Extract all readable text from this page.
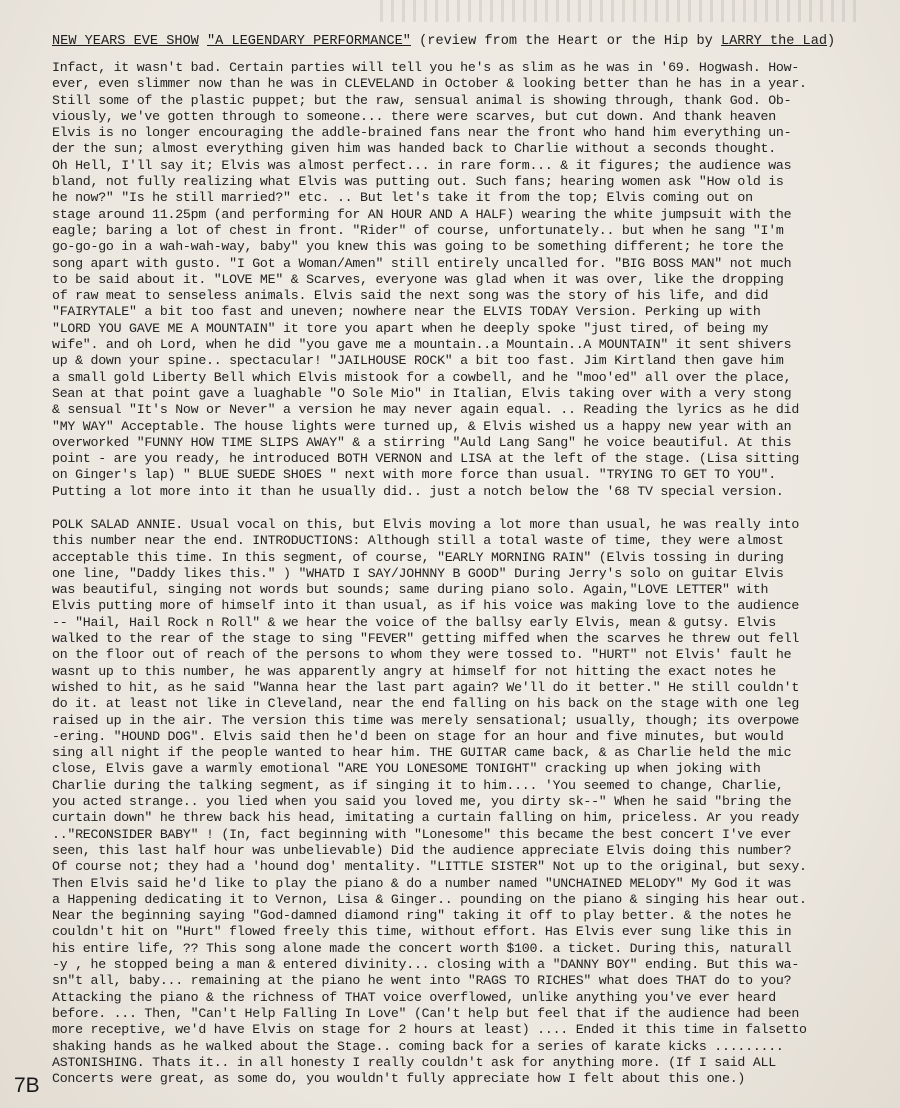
NEW YEARS EVE SHOW "A LEGENDARY PERFORMANCE" (review from the Heart or the Hip by LARRY the Lad)
Infact, it wasn't bad. Certain parties will tell you he's as slim as he was in '69. Hogwash. How-
ever, even slimmer now than he was in CLEVELAND in October & looking better than he has in a year.
Still some of the plastic puppet; but the raw, sensual animal is showing through, thank God. Ob-
viously, we've gotten through to someone... there were scarves, but cut down. And thank heaven
Elvis is no longer encouraging the addle-brained fans near the front who hand him everything un-
der the sun; almost everything given him was handed back to Charlie without a seconds thought.
Oh Hell, I'll say it; Elvis was almost perfect... in rare form... & it figures; the audience was
bland, not fully realizing what Elvis was putting out. Such fans; hearing women ask "How old is
he now?" "Is he still married?" etc. .. But let's take it from the top; Elvis coming out on
stage around 11.25pm (and performing for AN HOUR AND A HALF) wearing the white jumpsuit with the
eagle; baring a lot of chest in front. "Rider" of course, unfortunately.. but when he sang "I'm
go-go-go in a wah-wah-way, baby" you knew this was going to be something different; he tore the
song apart with gusto. "I Got a Woman/Amen" still entirely uncalled for. "BIG BOSS MAN" not much
to be said about it. "LOVE ME" & Scarves, everyone was glad when it was over, like the dropping
of raw meat to senseless animals. Elvis said the next song was the story of his life, and did
"FAIRYTALE" a bit too fast and uneven; nowhere near the ELVIS TODAY Version. Perking up with
"LORD YOU GAVE ME A MOUNTAIN" it tore you apart when he deeply spoke "just tired, of being my
wife". and oh Lord, when he did "you gave me a mountain..a Mountain..A MOUNTAIN" it sent shivers
up & down your spine.. spectacular! "JAILHOUSE ROCK" a bit too fast. Jim Kirtland then gave him
a small gold Liberty Bell which Elvis mistook for a cowbell, and he "moo'ed" all over the place,
Sean at that point gave a luaghable "O Sole Mio" in Italian, Elvis taking over with a very stong
& sensual "It's Now or Never" a version he may never again equal. .. Reading the lyrics as he did
"MY WAY" Acceptable. The house lights were turned up, & Elvis wished us a happy new year with an
overworked "FUNNY HOW TIME SLIPS AWAY" & a stirring "Auld Lang Sang" he voice beautiful. At this
point - are you ready, he introduced BOTH VERNON and LISA at the left of the stage. (Lisa sitting
on Ginger's lap) " BLUE SUEDE SHOES " next with more force than usual. "TRYING TO GET TO YOU".
Putting a lot more into it than he usually did.. just a notch below the '68 TV special version.
POLK SALAD ANNIE. Usual vocal on this, but Elvis moving a lot more than usual, he was really into
this number near the end. INTRODUCTIONS: Although still a total waste of time, they were almost
acceptable this time. In this segment, of course, "EARLY MORNING RAIN" (Elvis tossing in during
one line, "Daddy likes this." ) "WHATD I SAY/JOHNNY B GOOD" During Jerry's solo on guitar Elvis
was beautiful, singing not words but sounds; same during piano solo. Again,"LOVE LETTER" with
Elvis putting more of himself into it than usual, as if his voice was making love to the audience
-- "Hail, Hail Rock n Roll" & we hear the voice of the ballsy early Elvis, mean & gutsy. Elvis
walked to the rear of the stage to sing "FEVER" getting miffed when the scarves he threw out fell
on the floor out of reach of the persons to whom they were tossed to. "HURT" not Elvis' fault he
wasnt up to this number, he was apparently angry at himself for not hitting the exact notes he
wished to hit, as he said "Wanna hear the last part again? We'll do it better." He still couldn't
do it. at least not like in Cleveland, near the end falling on his back on the stage with one leg
raised up in the air. The version this time was merely sensational; usually, though; its overpowe
-ering. "HOUND DOG". Elvis said then he'd been on stage for an hour and five minutes, but would
sing all night if the people wanted to hear him. THE GUITAR came back, & as Charlie held the mic
close, Elvis gave a warmly emotional "ARE YOU LONESOME TONIGHT" cracking up when joking with
Charlie during the talking segment, as if singing it to him.... 'You seemed to change, Charlie,
you acted strange.. you lied when you said you loved me, you dirty sk--" When he said "bring the
curtain down" he threw back his head, imitating a curtain falling on him, priceless. Ar you ready
.."RECONSIDER BABY" ! (In, fact beginning with "Lonesome" this became the best concert I've ever
seen, this last half hour was unbelievable) Did the audience appreciate Elvis doing this number?
Of course not; they had a 'hound dog' mentality. "LITTLE SISTER" Not up to the original, but sexy.
Then Elvis said he'd like to play the piano & do a number named "UNCHAINED MELODY" My God it was
a Happening dedicating it to Vernon, Lisa & Ginger.. pounding on the piano & singing his hear out.
Near the beginning saying "God-damned diamond ring" taking it off to play better. & the notes he
couldn't hit on "Hurt" flowed freely this time, without effort. Has Elvis ever sung like this in
his entire life, ?? This song alone made the concert worth $100. a ticket. During this, naturall
-y , he stopped being a man & entered divinity... closing with a "DANNY BOY" ending. But this wa-
sn"t all, baby... remaining at the piano he went into "RAGS TO RICHES" what does THAT do to you?
Attacking the piano & the richness of THAT voice overflowed, unlike anything you've ever heard
before. ... Then, "Can't Help Falling In Love" (Can't help but feel that if the audience had been
more receptive, we'd have Elvis on stage for 2 hours at least) .... Ended it this time in falsetto
shaking hands as he walked about the Stage.. coming back for a series of karate kicks .........
ASTONISHING. Thats it.. in all honesty I really couldn't ask for anything more. (If I said ALL
Concerts were great, as some do, you wouldn't fully appreciate how I felt about this one.)
7B
